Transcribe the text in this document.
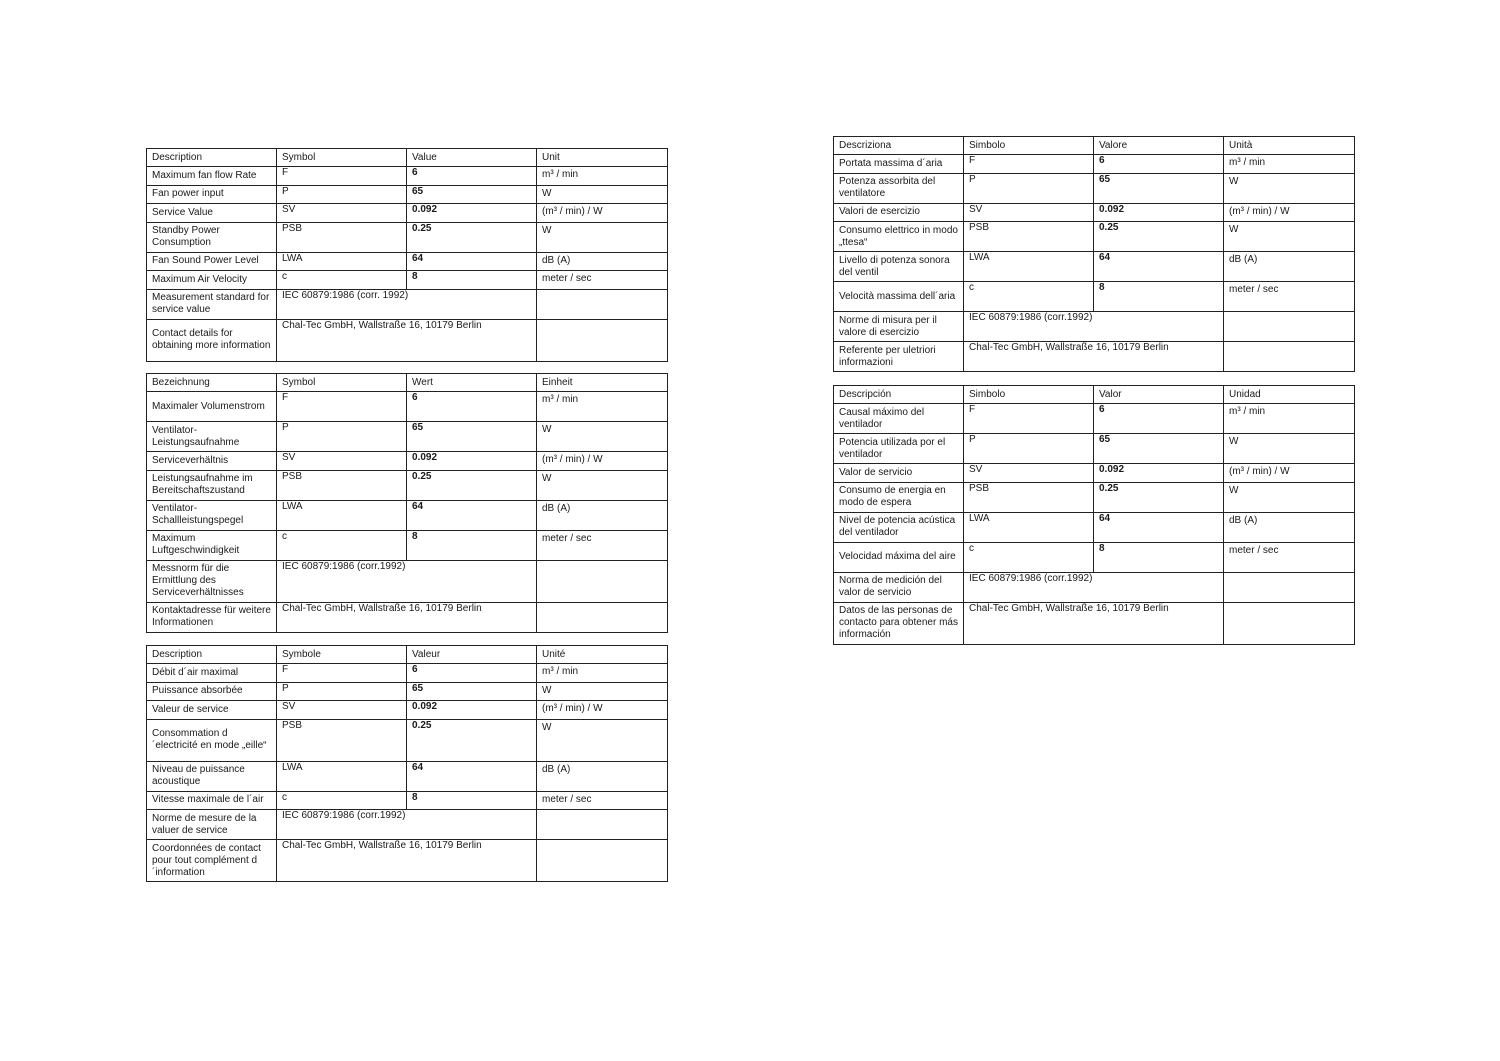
Description	Symbol	Value	Unit
Maximum fan flow Rate	F	6	m³ / min
Fan power input	P	65	W
Service Value	SV	0.092	(m³ / min) / W
Standby Power Consumption	PSB	0.25	W
Fan Sound Power Level	LWA	64	dB (A)
Maximum Air Velocity	c	8	meter / sec
Measurement standard for service value	IEC 60879:1986 (corr. 1992)		
Contact details for obtaining more information	Chal-Tec GmbH, Wallstraße 16, 10179 Berlin		
Bezeichnung	Symbol	Wert	Einheit
Maximaler Volumenstrom	F	6	m³ / min
Ventilator-Leistungsaufnahme	P	65	W
Serviceverhältnis	SV	0.092	(m³ / min) / W
Leistungsaufnahme im Bereitschaftszustand	PSB	0.25	W
Ventilator-Schallleistungspegel	LWA	64	dB (A)
Maximum Luftgeschwindigkeit	c	8	meter / sec
Messnorm für die Ermittlung des Serviceverhältnisses	IEC 60879:1986 (corr.1992)		
Kontaktadresse für weitere Informationen	Chal-Tec GmbH, Wallstraße 16, 10179 Berlin		
Description	Symbole	Valeur	Unité
Débit d´air maximal	F	6	m³ / min
Puissance absorbée	P	65	W
Valeur de service	SV	0.092	(m³ / min) / W
Consommation d´electricité en mode „eille“	PSB	0.25	W
Niveau de puissance acoustique	LWA	64	dB (A)
Vitesse maximale de l´air	c	8	meter / sec
Norme de mesure de la valuer de service	IEC 60879:1986 (corr.1992)		
Coordonnées de contact pour tout complément d´information	Chal-Tec GmbH, Wallstraße 16, 10179 Berlin		
Descriziona	Simbolo	Valore	Unità
Portata massima d´aria	F	6	m³ / min
Potenza assorbita del ventilatore	P	65	W
Valori de esercizio	SV	0.092	(m³ / min) / W
Consumo elettrico in modo „ttesa“	PSB	0.25	W
Livello di potenza sonora del ventil	LWA	64	dB (A)
Velocità massima dell´aria	c	8	meter / sec
Norme di misura per il valore di esercizio	IEC 60879:1986 (corr.1992)		
Referente per uletriori informazioni	Chal-Tec GmbH, Wallstraße 16, 10179 Berlin		
Descripción	Simbolo	Valor	Unidad
Causal máximo del ventilador	F	6	m³ / min
Potencia utilizada por el ventilador	P	65	W
Valor de servicio	SV	0.092	(m³ / min) / W
Consumo de energia en modo de espera	PSB	0.25	W
Nivel de potencia acústica del ventilador	LWA	64	dB (A)
Velocidad máxima del aire	c	8	meter / sec
Norma de medición del valor de servicio	IEC 60879:1986 (corr.1992)		
Datos de las personas de contacto para obtener más información	Chal-Tec GmbH, Wallstraße 16, 10179 Berlin		
